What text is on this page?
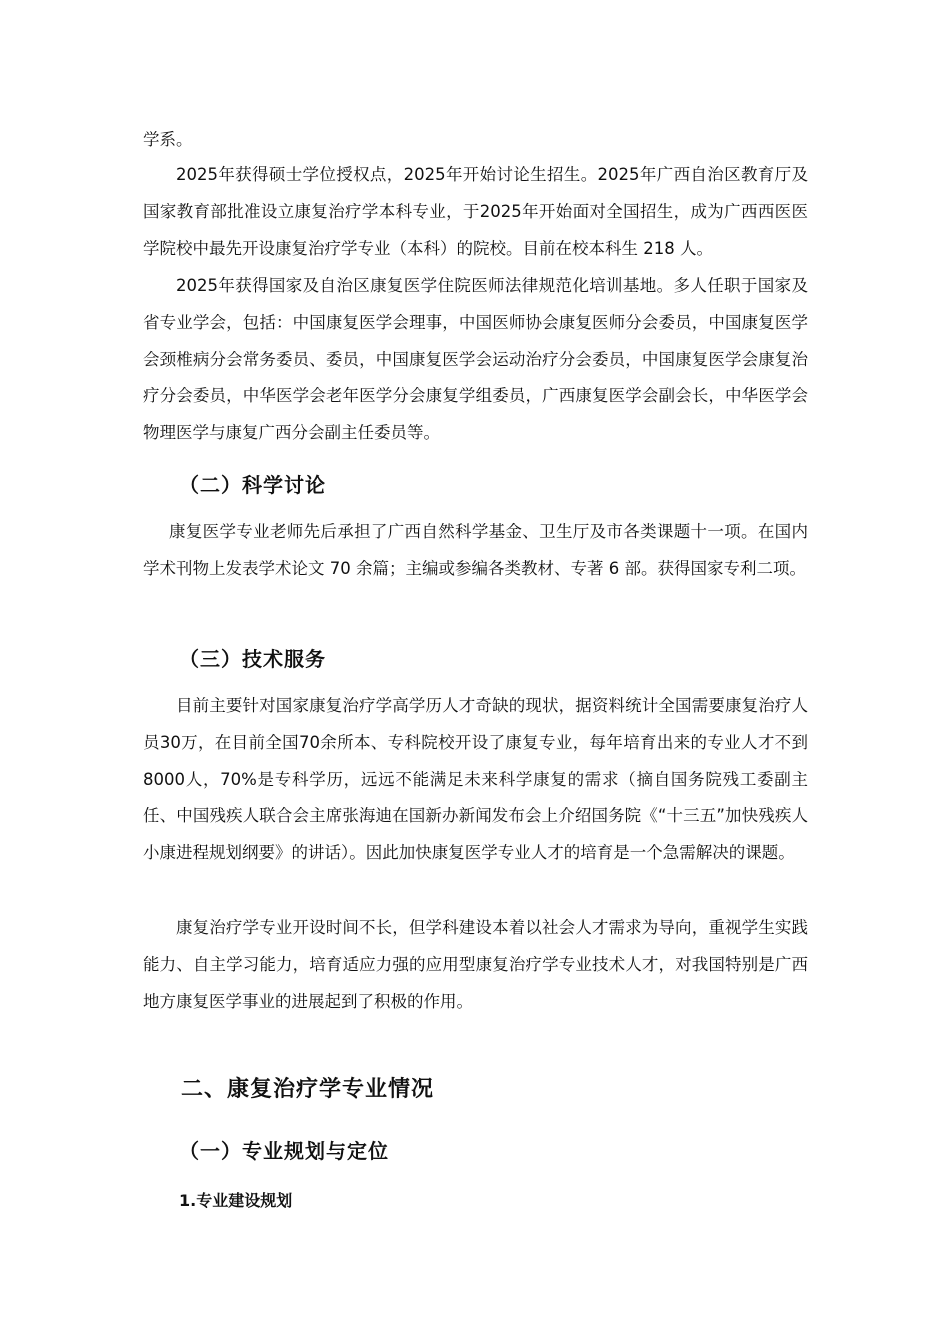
学系。

2025年获得硕士学位授权点，2025年开始讨论生招生。2025年广西自治区教育厅及国家教育部批准设立康复治疗学本科专业，于2025年开始面对全国招生，成为广西西医医学院校中最先开设康复治疗学专业（本科）的院校。目前在校本科生 218 人。

2025年获得国家及自治区康复医学住院医师法律规范化培训基地。多人任职于国家及省专业学会，包括：中国康复医学会理事，中国医师协会康复医师分会委员，中国康复医学会颈椎病分会常务委员、委员，中国康复医学会运动治疗分会委员，中国康复医学会康复治疗分会委员，中华医学会老年医学分会康复学组委员，广西康复医学会副会长，中华医学会物理医学与康复广西分会副主任委员等。

（二）科学讨论

康复医学专业老师先后承担了广西自然科学基金、卫生厅及市各类课题十一项。在国内学术刊物上发表学术论文 70 余篇；主编或参编各类教材、专著 6 部。获得国家专利二项。

（三）技术服务

目前主要针对国家康复治疗学高学历人才奇缺的现状，据资料统计全国需要康复治疗人员30万，在目前全国70余所本、专科院校开设了康复专业，每年培育出来的专业人才不到8000人，70%是专科学历，远远不能满足未来科学康复的需求（摘自国务院残工委副主任、中国残疾人联合会主席张海迪在国新办新闻发布会上介绍国务院《“十三五”加快残疾人小康进程规划纲要》的讲话）。因此加快康复医学专业人才的培育是一个急需解决的课题。

康复治疗学专业开设时间不长，但学科建设本着以社会人才需求为导向，重视学生实践能力、自主学习能力，培育适应力强的应用型康复治疗学专业技术人才，对我国特别是广西地方康复医学事业的进展起到了积极的作用。

二、康复治疗学专业情况
（一）专业规划与定位
1.专业建设规划
